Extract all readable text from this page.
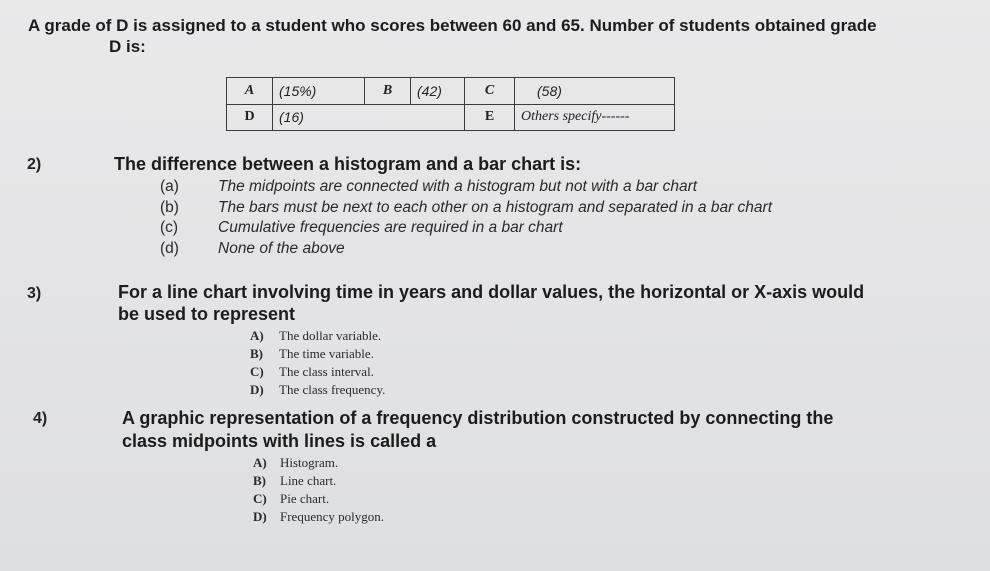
A grade of D is assigned to a student who scores between 60 and 65. Number of students obtained grade
D is:
A	(15%)	B	(42)	C	(58)
D	(16)			E	Others specify------
2)	The difference between a histogram and a bar chart is:
(a)	The midpoints are connected with a histogram but not with a bar chart
(b)	The bars must be next to each other on a histogram and separated in a bar chart
(c)	Cumulative frequencies are required in a bar chart
(d)	None of the above
3)	For a line chart involving time in years and dollar values, the horizontal or X-axis would
be used to represent
A) The dollar variable.
B) The time variable.
C) The class interval.
D) The class frequency.
4)	A graphic representation of a frequency distribution constructed by connecting the
class midpoints with lines is called a
A) Histogram.
B) Line chart.
C) Pie chart.
D) Frequency polygon.
